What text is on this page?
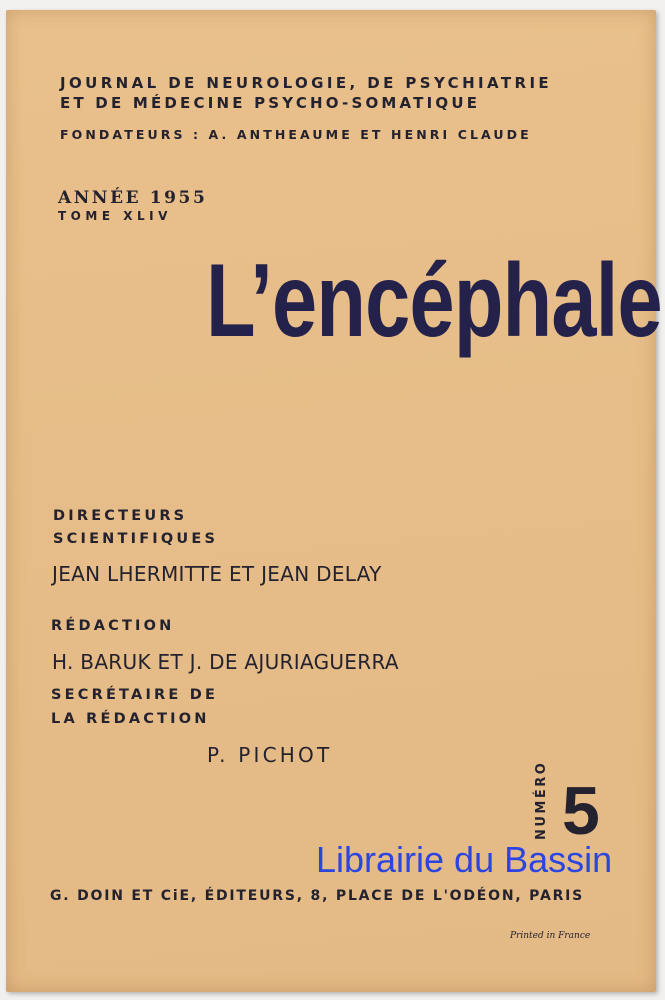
JOURNAL DE NEUROLOGIE, DE PSYCHIATRIE
ET DE MÉDECINE PSYCHO-SOMATIQUE
FONDATEURS : A. ANTHEAUME ET HENRI CLAUDE
ANNÉE 1955
TOME XLIV
L’encéphale
DIRECTEURS
SCIENTIFIQUES
JEAN LHERMITTE ET JEAN DELAY
RÉDACTION
H. BARUK ET J. DE AJURIAGUERRA
SECRÉTAIRE DE
LA RÉDACTION
P. PICHOT
NUMÉRO 5
Librairie du Bassin
G. DOIN ET CiE, ÉDITEURS, 8, PLACE DE L'ODÉON, PARIS
Printed in France
